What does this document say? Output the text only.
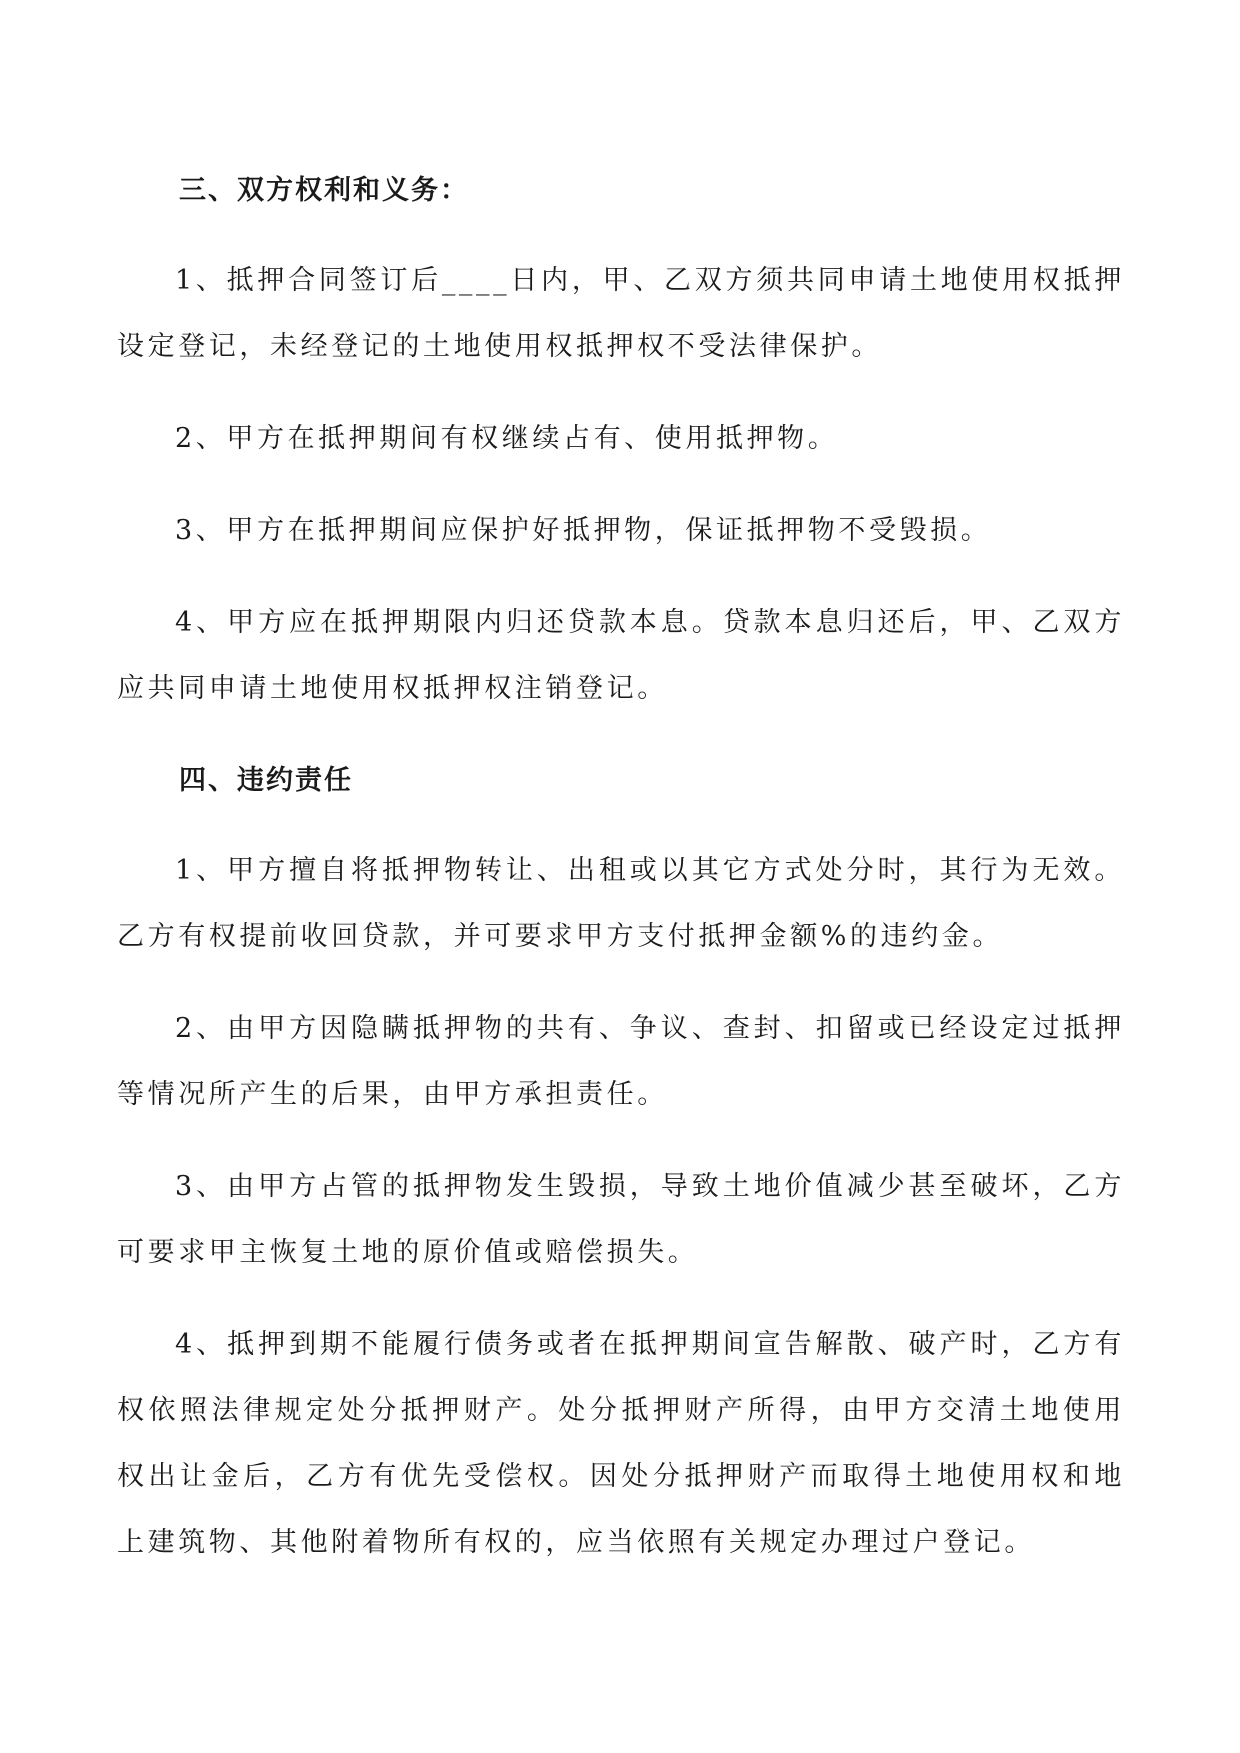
三、双方权利和义务：

1、抵押合同签订后____日内，甲、乙双方须共同申请土地使用权抵押设定登记，未经登记的土地使用权抵押权不受法律保护。

2、甲方在抵押期间有权继续占有、使用抵押物。

3、甲方在抵押期间应保护好抵押物，保证抵押物不受毁损。

4、甲方应在抵押期限内归还贷款本息。贷款本息归还后，甲、乙双方应共同申请土地使用权抵押权注销登记。

四、违约责任

1、甲方擅自将抵押物转让、出租或以其它方式处分时，其行为无效。乙方有权提前收回贷款，并可要求甲方支付抵押金额%的违约金。

2、由甲方因隐瞒抵押物的共有、争议、查封、扣留或已经设定过抵押等情况所产生的后果，由甲方承担责任。

3、由甲方占管的抵押物发生毁损，导致土地价值减少甚至破坏，乙方可要求甲主恢复土地的原价值或赔偿损失。

4、抵押到期不能履行债务或者在抵押期间宣告解散、破产时，乙方有权依照法律规定处分抵押财产。处分抵押财产所得，由甲方交清土地使用权出让金后，乙方有优先受偿权。因处分抵押财产而取得土地使用权和地上建筑物、其他附着物所有权的，应当依照有关规定办理过户登记。
